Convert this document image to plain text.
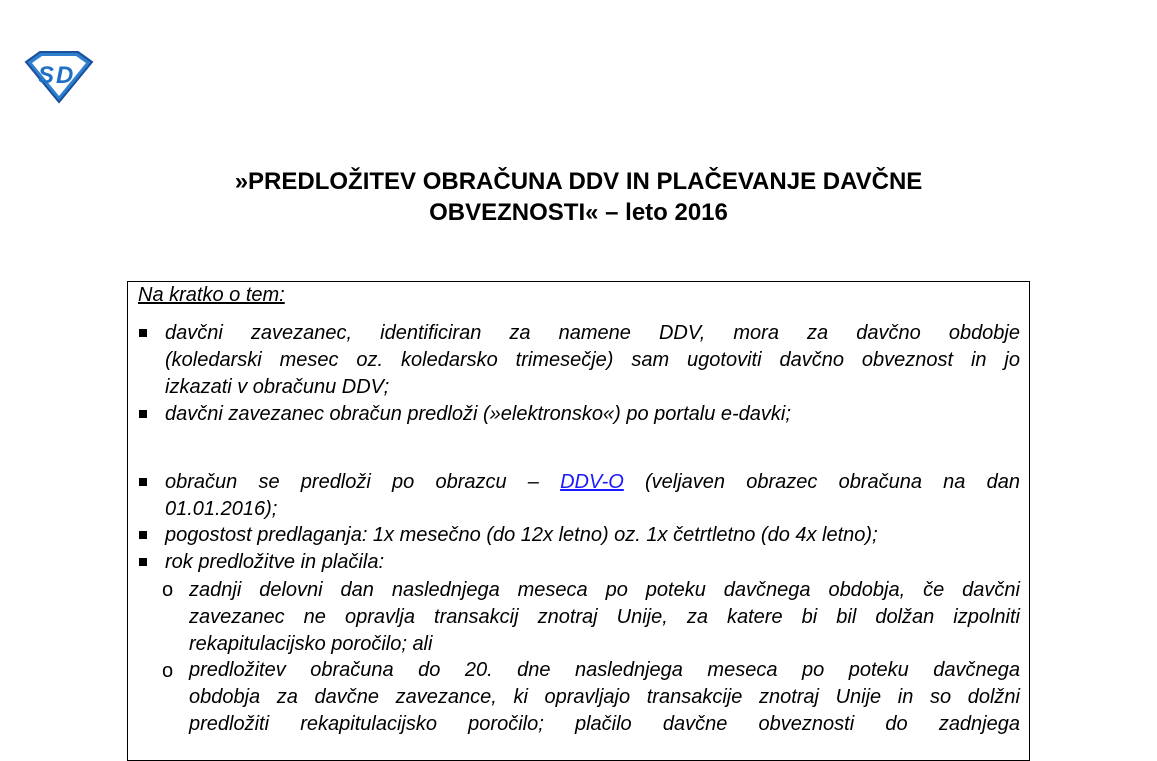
S D
»PREDLOŽITEV OBRAČUNA DDV IN PLAČEVANJE DAVČNE
OBVEZNOSTI« – leto 2016
Na kratko o tem:
davčni zavezanec, identificiran za namene DDV, mora za davčno obdobje
(koledarski mesec oz. koledarsko trimesečje) sam ugotoviti davčno obveznost in jo
izkazati v obračunu DDV;
davčni zavezanec obračun predloži (»elektronsko«) po portalu e-davki;
obračun se predloži po obrazcu – DDV-O (veljaven obrazec obračuna na dan
01.01.2016);
pogostost predlaganja: 1x mesečno (do 12x letno) oz. 1x četrtletno (do 4x letno);
rok predložitve in plačila:
o zadnji delovni dan naslednjega meseca po poteku davčnega obdobja, če davčni
zavezanec ne opravlja transakcij znotraj Unije, za katere bi bil dolžan izpolniti
rekapitulacijsko poročilo; ali
o predložitev obračuna do 20. dne naslednjega meseca po poteku davčnega
obdobja za davčne zavezance, ki opravljajo transakcije znotraj Unije in so dolžni
predložiti rekapitulacijsko poročilo; plačilo davčne obveznosti do zadnjega
